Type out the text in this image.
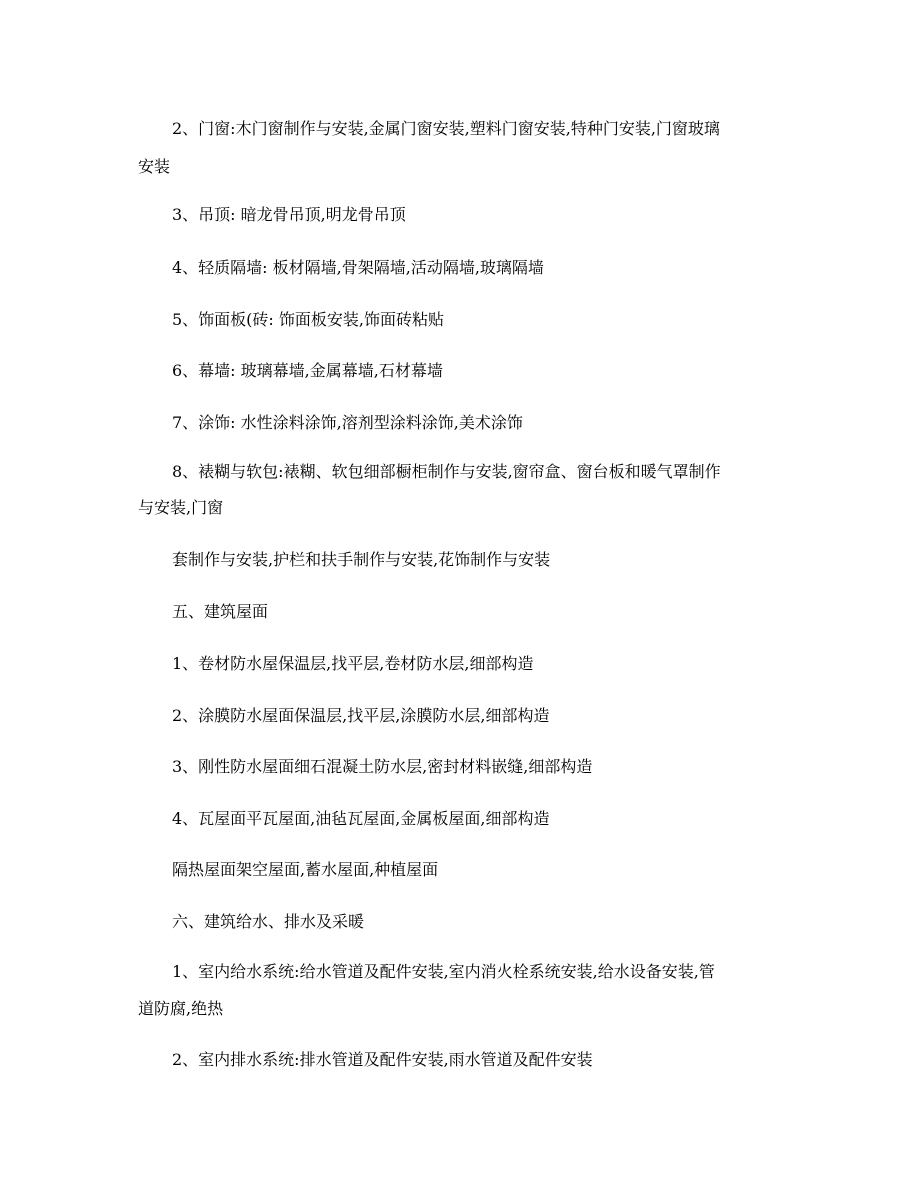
2、门窗:木门窗制作与安装,金属门窗安装,塑料门窗安装,特种门安装,门窗玻璃

安装

3、吊顶: 暗龙骨吊顶,明龙骨吊顶

4、轻质隔墙: 板材隔墙,骨架隔墙,活动隔墙,玻璃隔墙

5、饰面板(砖: 饰面板安装,饰面砖粘贴

6、幕墙: 玻璃幕墙,金属幕墙,石材幕墙

7、涂饰: 水性涂料涂饰,溶剂型涂料涂饰,美术涂饰

8、裱糊与软包:裱糊、软包细部橱柜制作与安装,窗帘盒、窗台板和暖气罩制作

与安装,门窗

套制作与安装,护栏和扶手制作与安装,花饰制作与安装

五、建筑屋面

1、卷材防水屋保温层,找平层,卷材防水层,细部构造

2、涂膜防水屋面保温层,找平层,涂膜防水层,细部构造

3、刚性防水屋面细石混凝土防水层,密封材料嵌缝,细部构造

4、瓦屋面平瓦屋面,油毡瓦屋面,金属板屋面,细部构造

隔热屋面架空屋面,蓄水屋面,种植屋面

六、建筑给水、排水及采暖

1、室内给水系统:给水管道及配件安装,室内消火栓系统安装,给水设备安装,管

道防腐,绝热

2、室内排水系统:排水管道及配件安装,雨水管道及配件安装
